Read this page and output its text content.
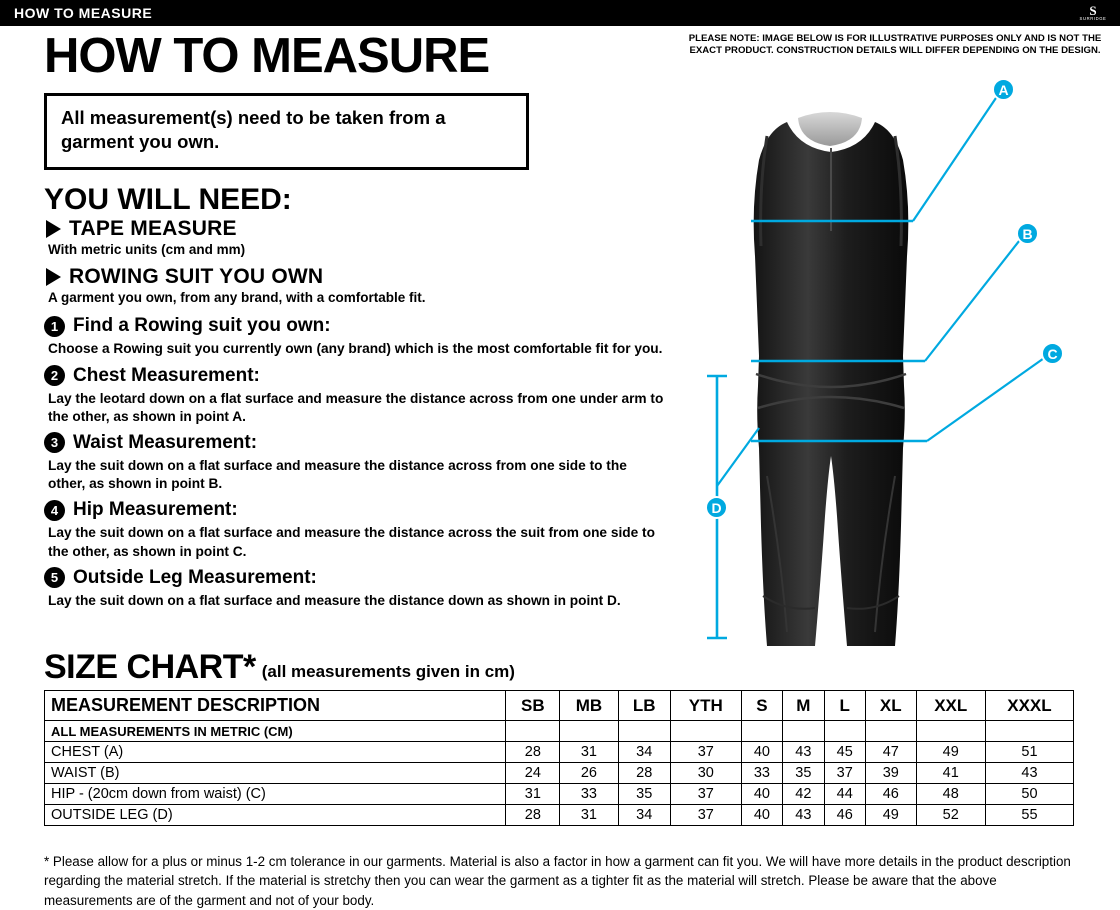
HOW TO MEASURE	S
SURRIDGE
HOW TO MEASURE

All measurement(s) need to be taken from a garment you own.

YOU WILL NEED:
TAPE MEASURE
With metric units (cm and mm)
ROWING SUIT YOU OWN
A garment you own, from any brand, with a comfortable fit.
1 Find a Rowing suit you own:
Choose a Rowing suit you currently own (any brand) which is the most comfortable fit for you.
2 Chest Measurement:
Lay the leotard down on a flat surface and measure the distance across from one under arm to the other, as shown in point A.
3 Waist Measurement:
Lay the suit down on a flat surface and measure the distance across from one side to the other, as shown in point B.
4 Hip Measurement:
Lay the suit down on a flat surface and measure the distance across the suit from one side to the other, as shown in point C.
5 Outside Leg Measurement:
Lay the suit down on a flat surface and measure the distance down as shown in point D.
PLEASE NOTE: IMAGE BELOW IS FOR ILLUSTRATIVE PURPOSES ONLY AND IS NOT THE EXACT PRODUCT. CONSTRUCTION DETAILS WILL DIFFER DEPENDING ON THE DESIGN.
A
B
C
D
SIZE CHART* (all measurements given in cm)
MEASUREMENT DESCRIPTION	SB	MB	LB	YTH	S	M	L	XL	XXL	XXXL
ALL MEASUREMENTS IN METRIC (CM)										
CHEST (A)	28	31	34	37	40	43	45	47	49	51
WAIST (B)	24	26	28	30	33	35	37	39	41	43
HIP - (20cm down from waist) (C)	31	33	35	37	40	42	44	46	48	50
OUTSIDE LEG (D)	28	31	34	37	40	43	46	49	52	55
* Please allow for a plus or minus 1-2 cm tolerance in our garments. Material is also a factor in how a garment can fit you. We will have more details in the product description regarding the material stretch. If the material is stretchy then you can wear the garment as a tighter fit as the material will stretch. Please be aware that the above measurements are of the garment and not of your body.
